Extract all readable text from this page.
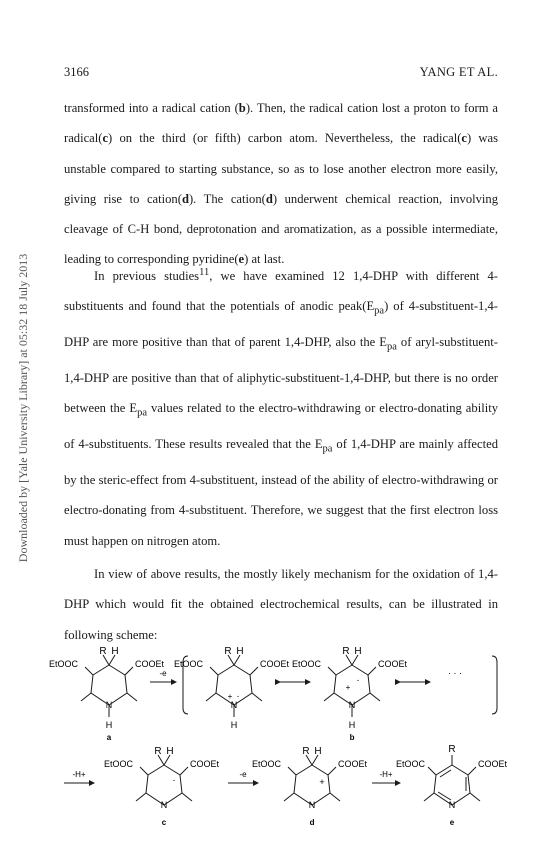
3166	YANG ET AL.
Downloaded by [Yale University Library] at 05:32 18 July 2013

transformed into a radical cation (b). Then, the radical cation lost a proton to form a radical(c) on the third (or fifth) carbon atom. Nevertheless, the radical(c) was unstable compared to starting substance, so as to lose another electron more easily, giving rise to cation(d). The cation(d) underwent chemical reaction, involving cleavage of C-H bond, deprotonation and aromatization, as a possible intermediate, leading to corresponding pyridine(e) at last.

In previous studies$^{11}$, we have examined 12 1,4-DHP with different 4-substituents and found that the potentials of anodic $peak(E_{pa})$ of 4-substituent-1,4-DHP are more positive than that of parent 1,4-DHP, also the $E_{pa}$ of aryl-substituent-1,4-DHP are positive than that of aliphytic-substituent-1,4-DHP, but there is no order between the $E_{pa}$ values related to the electro-withdrawing or electro-donating ability of 4-substituents. These results revealed that the $E_{pa}$ of 1,4-DHP are mainly affected by the steric-effect from 4-substituent, instead of the ability of electro-withdrawing or electro-donating from 4-substituent. Therefore, we suggest that the first electron loss must happen on nitrogen atom.

In view of above results, the mostly likely mechanism for the oxidation of 1,4-DHP which would fit the obtained electrochemical results, can be illustrated in following scheme:

R H
EtOOC	COOEt
N
H
a
-e
R H
EtOOC	COOEt
N
+ ·
H
R H
EtOOC	COOEt
N
+
·
H
b
· · ·
-H+
R H
EtOOC	COOEt
N
·
c
-e
R H
EtOOC	COOEt
N
+
d
-H+
R
EtOOC	COOEt
N
e
